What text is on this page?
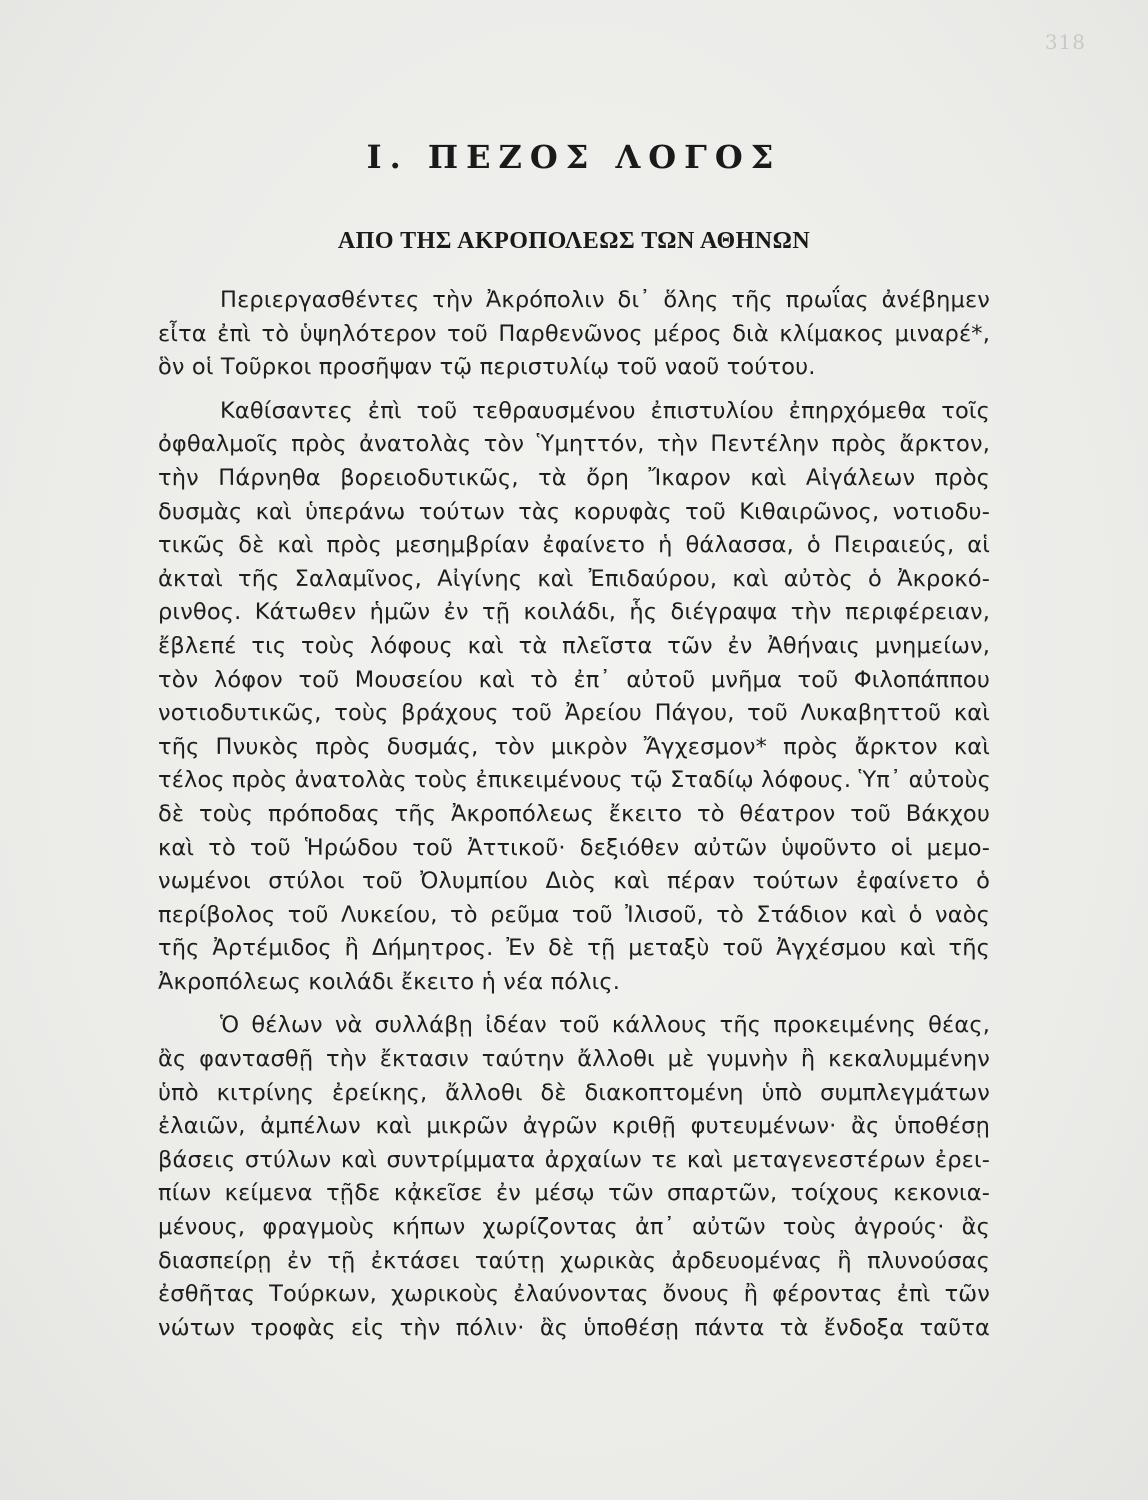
318
I. ΠΕΖΟΣ ΛΟΓΟΣ
ΑΠΟ ΤΗΣ ΑΚΡΟΠΟΛΕΩΣ ΤΩΝ ΑΘΗΝΩΝ
Περιεργασθέντες τὴν Ἀκρόπολιν δι᾿ ὅλης τῆς πρωΐας ἀνέβημεν
εἶτα ἐπὶ τὸ ὑψηλότερον τοῦ Παρθενῶνος μέρος διὰ κλίμακος μιναρέ*,
ὃν οἱ Τοῦρκοι προσῆψαν τῷ περιστυλίῳ τοῦ ναοῦ τούτου.
Καθίσαντες ἐπὶ τοῦ τεθραυσμένου ἐπιστυλίου ἐπηρχόμεθα τοῖς
ὀφθαλμοῖς πρὸς ἀνατολὰς τὸν Ὑμηττόν, τὴν Πεντέλην πρὸς ἄρκτον,
τὴν Πάρνηθα βορειοδυτικῶς, τὰ ὄρη Ἴκαρον καὶ Αἰγάλεων πρὸς
δυσμὰς καὶ ὑπεράνω τούτων τὰς κορυφὰς τοῦ Κιθαιρῶνος, νοτιοδυ-
τικῶς δὲ καὶ πρὸς μεσημβρίαν ἐφαίνετο ἡ θάλασσα, ὁ Πειραιεύς, αἱ
ἀκταὶ τῆς Σαλαμῖνος, Αἰγίνης καὶ Ἐπιδαύρου, καὶ αὐτὸς ὁ Ἀκροκό-
ρινθος. Κάτωθεν ἡμῶν ἐν τῇ κοιλάδι, ἧς διέγραψα τὴν περιφέρειαν,
ἔβλεπέ τις τοὺς λόφους καὶ τὰ πλεῖστα τῶν ἐν Ἀθήναις μνημείων,
τὸν λόφον τοῦ Μουσείου καὶ τὸ ἐπ᾿ αὐτοῦ μνῆμα τοῦ Φιλοπάππου
νοτιοδυτικῶς, τοὺς βράχους τοῦ Ἀρείου Πάγου, τοῦ Λυκαβηττοῦ καὶ
τῆς Πνυκὸς πρὸς δυσμάς, τὸν μικρὸν Ἄγχεσμον* πρὸς ἄρκτον καὶ
τέλος πρὸς ἀνατολὰς τοὺς ἐπικειμένους τῷ Σταδίῳ λόφους. Ὑπ᾿ αὐτοὺς
δὲ τοὺς πρόποδας τῆς Ἀκροπόλεως ἔκειτο τὸ θέατρον τοῦ Βάκχου
καὶ τὸ τοῦ Ἡρώδου τοῦ Ἀττικοῦ· δεξιόθεν αὐτῶν ὑψοῦντο οἱ μεμο-
νωμένοι στύλοι τοῦ Ὀλυμπίου Διὸς καὶ πέραν τούτων ἐφαίνετο ὁ
περίβολος τοῦ Λυκείου, τὸ ρεῦμα τοῦ Ἰλισοῦ, τὸ Στάδιον καὶ ὁ ναὸς
τῆς Ἀρτέμιδος ἢ Δήμητρος. Ἐν δὲ τῇ μεταξὺ τοῦ Ἀγχέσμου καὶ τῆς
Ἀκροπόλεως κοιλάδι ἔκειτο ἡ νέα πόλις.
Ὁ θέλων νὰ συλλάβῃ ἰδέαν τοῦ κάλλους τῆς προκειμένης θέας,
ἂς φαντασθῇ τὴν ἔκτασιν ταύτην ἄλλοθι μὲ γυμνὴν ἢ κεκαλυμμένην
ὑπὸ κιτρίνης ἐρείκης, ἄλλοθι δὲ διακοπτομένη ὑπὸ συμπλεγμάτων
ἐλαιῶν, ἀμπέλων καὶ μικρῶν ἀγρῶν κριθῇ φυτευμένων· ἂς ὑποθέσῃ
βάσεις στύλων καὶ συντρίμματα ἀρχαίων τε καὶ μεταγενεστέρων ἐρει-
πίων κείμενα τῇδε κᾀκεῖσε ἐν μέσῳ τῶν σπαρτῶν, τοίχους κεκονια-
μένους, φραγμοὺς κήπων χωρίζοντας ἀπ᾿ αὐτῶν τοὺς ἀγρούς· ἂς
διασπείρῃ ἐν τῇ ἐκτάσει ταύτῃ χωρικὰς ἀρδευομένας ἢ πλυνούσας
ἐσθῆτας Τούρκων, χωρικοὺς ἐλαύνοντας ὄνους ἢ φέροντας ἐπὶ τῶν
νώτων τροφὰς εἰς τὴν πόλιν· ἂς ὑποθέσῃ πάντα τὰ ἔνδοξα ταῦτα
